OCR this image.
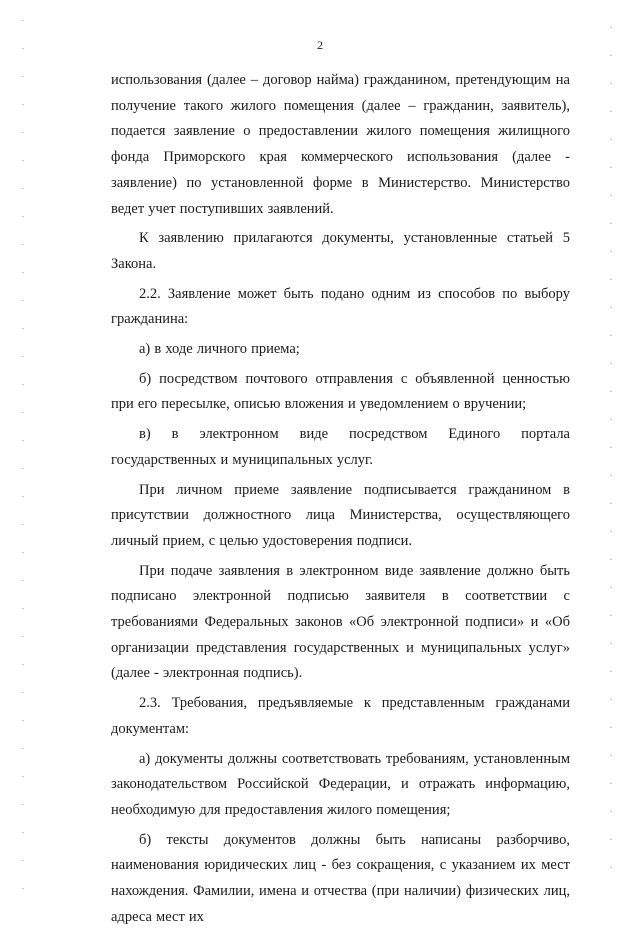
2

использования (далее – договор найма) гражданином, претендующим на получение такого жилого помещения (далее – гражданин, заявитель), подается заявление о предоставлении жилого помещения жилищного фонда Приморского края коммерческого использования (далее - заявление) по установленной форме в Министерство. Министерство ведет учет поступивших заявлений.

К заявлению прилагаются документы, установленные статьей 5 Закона.

2.2. Заявление может быть подано одним из способов по выбору гражданина:

а) в ходе личного приема;

б) посредством почтового отправления с объявленной ценностью при его пересылке, описью вложения и уведомлением о вручении;

в) в электронном виде посредством Единого портала государственных и муниципальных услуг.

При личном приеме заявление подписывается гражданином в присутствии должностного лица Министерства, осуществляющего личный прием, с целью удостоверения подписи.

При подаче заявления в электронном виде заявление должно быть подписано электронной подписью заявителя в соответствии с требованиями Федеральных законов «Об электронной подписи» и «Об организации представления государственных и муниципальных услуг» (далее - электронная подпись).

2.3. Требования, предъявляемые к представленным гражданами документам:

а) документы должны соответствовать требованиям, установленным законодательством Российской Федерации, и отражать информацию, необходимую для предоставления жилого помещения;

б) тексты документов должны быть написаны разборчиво, наименования юридических лиц - без сокращения, с указанием их мест нахождения. Фамилии, имена и отчества (при наличии) физических лиц, адреса мест их
